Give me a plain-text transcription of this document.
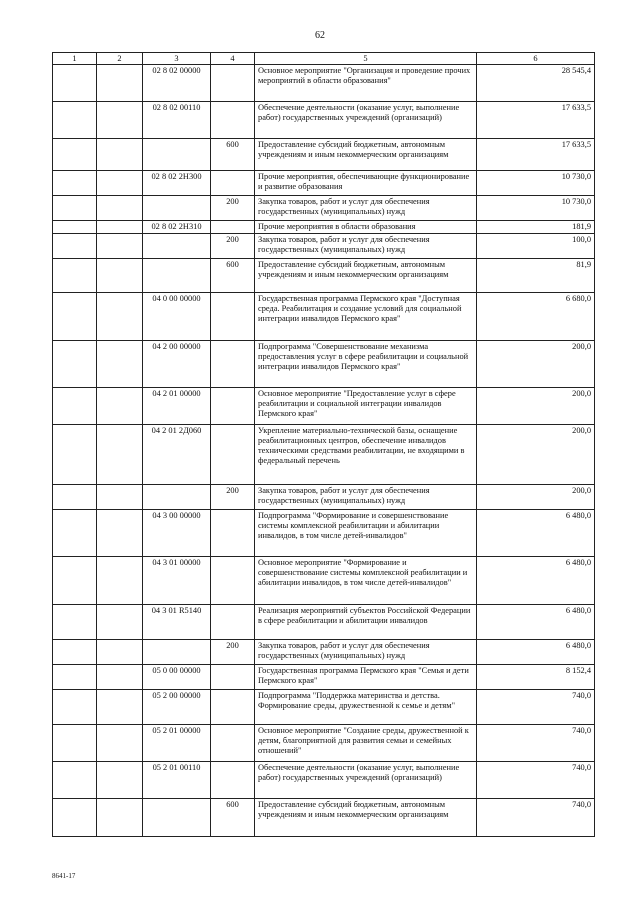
62
1	2	3	4	5	6
		02 8 02 00000		Основное мероприятие "Организация и проведение прочих мероприятий в области образования"	28 545,4
		02 8 02 00110		Обеспечение деятельности (оказание услуг, выполнение работ) государственных учреждений (организаций)	17 633,5
			600	Предоставление субсидий бюджетным, автономным учреждениям и иным некоммерческим организациям	17 633,5
		02 8 02 2Н300		Прочие мероприятия, обеспечивающие функционирование и развитие образования	10 730,0
			200	Закупка товаров, работ и услуг для обеспечения государственных (муниципальных) нужд	10 730,0
		02 8 02 2Н310		Прочие мероприятия в области образования	181,9
			200	Закупка товаров, работ и услуг для обеспечения государственных (муниципальных) нужд	100,0
			600	Предоставление субсидий бюджетным, автономным учреждениям и иным некоммерческим организациям	81,9
		04 0 00 00000		Государственная программа Пермского края "Доступная среда. Реабилитация и создание условий для социальной интеграции инвалидов Пермского края"	6 680,0
		04 2 00 00000		Подпрограмма "Совершенствование механизма предоставления услуг в сфере реабилитации и социальной интеграции инвалидов Пермского края"	200,0
		04 2 01 00000		Основное мероприятие "Предоставление услуг в сфере реабилитации и социальной интеграции инвалидов Пермского края"	200,0
		04 2 01 2Д060		Укрепление материально-технической базы, оснащение реабилитационных центров, обеспечение инвалидов техническими средствами реабилитации, не входящими в федеральный перечень	200,0
			200	Закупка товаров, работ и услуг для обеспечения государственных (муниципальных) нужд	200,0
		04 3 00 00000		Подпрограмма "Формирование и совершенствование системы комплексной реабилитации и абилитации инвалидов, в том числе детей-инвалидов"	6 480,0
		04 3 01 00000		Основное мероприятие "Формирование и совершенствование системы комплексной реабилитации и абилитации инвалидов, в том числе детей-инвалидов"	6 480,0
		04 3 01 R5140		Реализация мероприятий субъектов Российской Федерации в сфере реабилитации и абилитации инвалидов	6 480,0
			200	Закупка товаров, работ и услуг для обеспечения государственных (муниципальных) нужд	6 480,0
		05 0 00 00000		Государственная программа Пермского края "Семья и дети Пермского края"	8 152,4
		05 2 00 00000		Подпрограмма "Поддержка материнства и детства. Формирование среды, дружественной к семье и детям"	740,0
		05 2 01 00000		Основное мероприятие "Создание среды, дружественной к детям, благоприятной для развития семьи и семейных отношений"	740,0
		05 2 01 00110		Обеспечение деятельности (оказание услуг, выполнение работ) государственных учреждений (организаций)	740,0
			600	Предоставление субсидий бюджетным, автономным учреждениям и иным некоммерческим организациям	740,0
8641-17
